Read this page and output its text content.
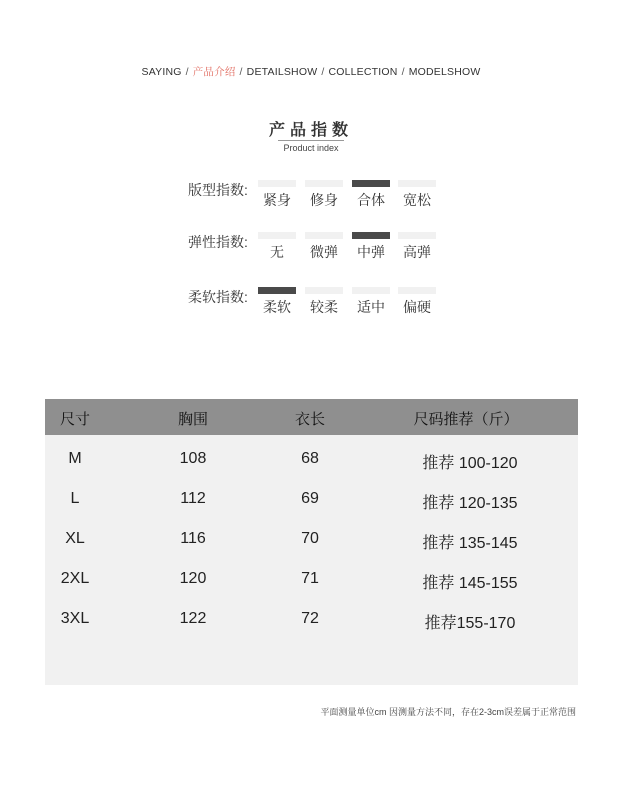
SAYING / 产品介绍 / DETAILSHOW / COLLECTION / MODELSHOW
产品指数
Product index
版型指数:
紧身	修身	合体	宽松
弹性指数:
无	微弹	中弹	高弹
柔软指数:
柔软	较柔	适中	偏硬
尺寸	胸围	衣长	尺码推荐（斤）
M	108	68	推荐 100-120
L	112	69	推荐 120-135
XL	116	70	推荐 135-145
2XL	120	71	推荐 145-155
3XL	122	72	推荐155-170
平面测量单位cm 因测量方法不同，存在2-3cm误差属于正常范围
